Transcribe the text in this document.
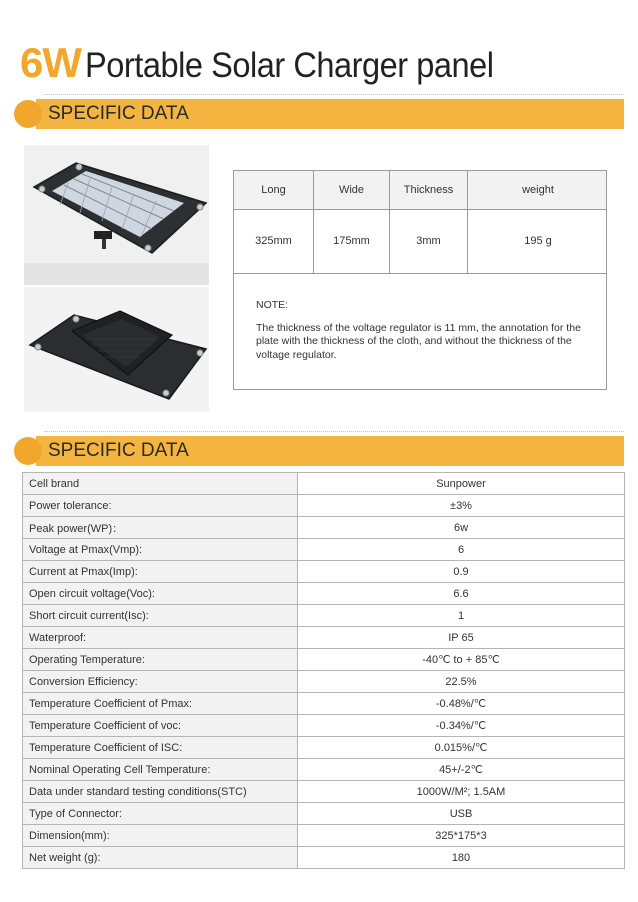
6W Portable Solar Charger panel
SPECIFIC DATA
Long	Wide	Thickness	weight
325mm	175mm	3mm	195 g
NOTE:
The thickness of the voltage regulator is 11 mm, the annotation for the plate with the thickness of the cloth, and without the thickness of the voltage regulator.
SPECIFIC DATA
Cell brand	Sunpower
Power tolerance:	±3%
Peak power(WP)：	6w
Voltage at Pmax(Vmp):	6
Current at Pmax(Imp):	0.9
Open circuit voltage(Voc):	6.6
Short circuit current(Isc):	1
Waterproof:	IP 65
Operating Temperature:	-40℃ to + 85℃
Conversion Efficiency:	22.5%
Temperature Coefficient of Pmax:	-0.48%/℃
Temperature Coefficient of voc:	-0.34%/℃
Temperature Coefficient of ISC:	0.015%/℃
Nominal Operating Cell Temperature:	45+/-2℃
Data under standard testing conditions(STC)	1000W/M²; 1.5AM
Type of Connector:	USB
Dimension(mm):	325*175*3
Net weight (g):	180
